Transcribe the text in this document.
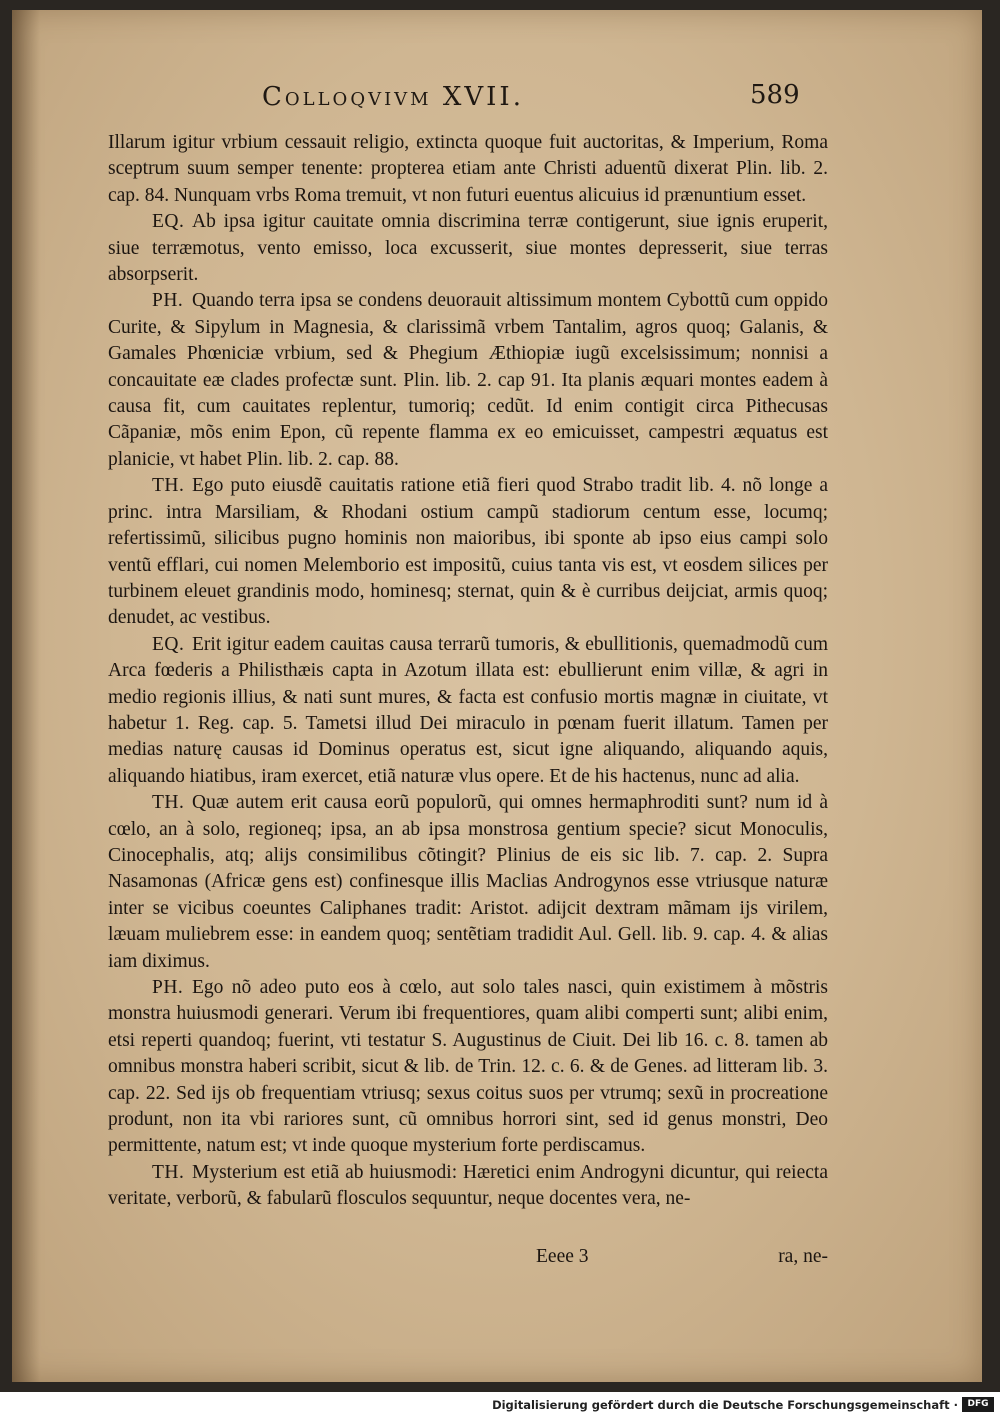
Colloqvivm XVII.	589

Illarum igitur vrbium cessauit religio, extincta quoque fuit auctoritas, & Imperium, Roma sceptrum suum semper tenente: propterea etiam ante Christi aduentũ dixerat Plin. lib. 2. cap. 84. Nunquam vrbs Roma tremuit, vt non futuri euentus alicuius id prænuntium esset.

EQ. Ab ipsa igitur cauitate omnia discrimina terræ contigerunt, siue ignis eruperit, siue terræmotus, vento emisso, loca excusserit, siue montes depresserit, siue terras absorpserit.

PH. Quando terra ipsa se condens deuorauit altissimum montem Cybottũ cum oppido Curite, & Sipylum in Magnesia, & clarissimã vrbem Tantalim, agros quoq; Galanis, & Gamales Phœniciæ vrbium, sed & Phegium Æthiopiæ iugũ excelsissimum; nonnisi a concauitate eæ clades profectæ sunt. Plin. lib. 2. cap 91. Ita planis æquari montes eadem à causa fit, cum cauitates replentur, tumoriq; cedũt. Id enim contigit circa Pithecusas Cãpaniæ, mõs enim Epon, cũ repente flamma ex eo emicuisset, campestri æquatus est planicie, vt habet Plin. lib. 2. cap. 88.

TH. Ego puto eiusdẽ cauitatis ratione etiã fieri quod Strabo tradit lib. 4. nõ longe a princ. intra Marsiliam, & Rhodani ostium campũ stadiorum centum esse, locumq; refertissimũ, silicibus pugno hominis non maioribus, ibi sponte ab ipso eius campi solo ventũ efflari, cui nomen Melemborio est impositũ, cuius tanta vis est, vt eosdem silices per turbinem eleuet grandinis modo, hominesq; sternat, quin & è curribus deijciat, armis quoq; denudet, ac vestibus.

EQ. Erit igitur eadem cauitas causa terrarũ tumoris, & ebullitionis, quemadmodũ cum Arca fœderis a Philisthæis capta in Azotum illata est: ebullierunt enim villæ, & agri in medio regionis illius, & nati sunt mures, & facta est confusio mortis magnæ in ciuitate, vt habetur 1. Reg. cap. 5. Tametsi illud Dei miraculo in pœnam fuerit illatum. Tamen per medias naturę causas id Dominus operatus est, sicut igne aliquando, aliquando aquis, aliquando hiatibus, iram exercet, etiã naturæ vlus opere. Et de his hactenus, nunc ad alia.

TH. Quæ autem erit causa eorũ populorũ, qui omnes hermaphroditi sunt? num id à cœlo, an à solo, regioneq; ipsa, an ab ipsa monstrosa gentium specie? sicut Monoculis, Cinocephalis, atq; alijs consimilibus cõtingit? Plinius de eis sic lib. 7. cap. 2. Supra Nasamonas (Africæ gens est) confinesque illis Maclias Androgynos esse vtriusque naturæ inter se vicibus coeuntes Caliphanes tradit: Aristot. adijcit dextram mãmam ijs virilem, læuam muliebrem esse: in eandem quoq; sentẽtiam tradidit Aul. Gell. lib. 9. cap. 4. & alias iam diximus.

PH. Ego nõ adeo puto eos à cœlo, aut solo tales nasci, quin existimem à mõstris monstra huiusmodi generari. Verum ibi frequentiores, quam alibi comperti sunt; alibi enim, etsi reperti quandoq; fuerint, vti testatur S. Augustinus de Ciuit. Dei lib 16. c. 8. tamen ab omnibus monstra haberi scribit, sicut & lib. de Trin. 12. c. 6. & de Genes. ad litteram lib. 3. cap. 22. Sed ijs ob frequentiam vtriusq; sexus coitus suos per vtrumq; sexũ in procreatione produnt, non ita vbi rariores sunt, cũ omnibus horrori sint, sed id genus monstri, Deo permittente, natum est; vt inde quoque mysterium forte perdiscamus.

TH. Mysterium est etiã ab huiusmodi: Hæretici enim Androgyni dicuntur, qui reiecta veritate, verborũ, & fabularũ flosculos sequuntur, neque docentes vera, ne-

Eeee 3	ra, ne-
Digitalisierung gefördert durch die Deutsche Forschungsgemeinschaft ·	DFG
